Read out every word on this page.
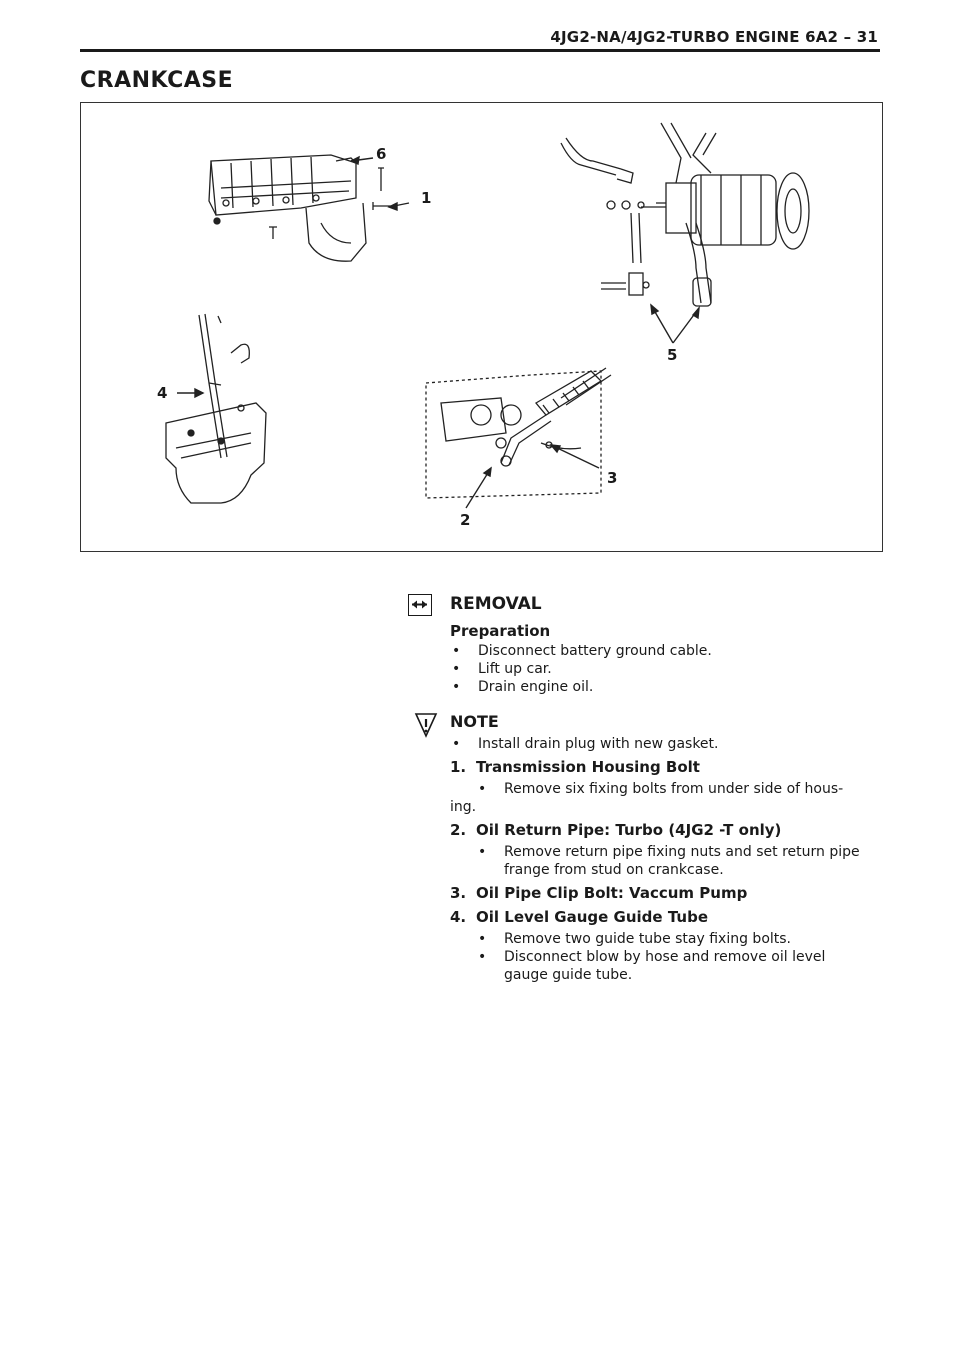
4JG2-NA/4JG2-TURBO ENGINE 6A2 – 31
CRANKCASE
6
1
4
5
3
2
REMOVAL
Preparation
• Disconnect battery ground cable.
• Lift up car.
• Drain engine oil.
NOTE
• Install drain plug with new gasket.
1. Transmission Housing Bolt
• Remove six fixing bolts from under side of hous-
ing.
2. Oil Return Pipe: Turbo (4JG2 -T only)
• Remove return pipe fixing nuts and set return pipe
frange from stud on crankcase.
3. Oil Pipe Clip Bolt: Vaccum Pump
4. Oil Level Gauge Guide Tube
• Remove two guide tube stay fixing bolts.
• Disconnect blow by hose and remove oil level
gauge guide tube.
